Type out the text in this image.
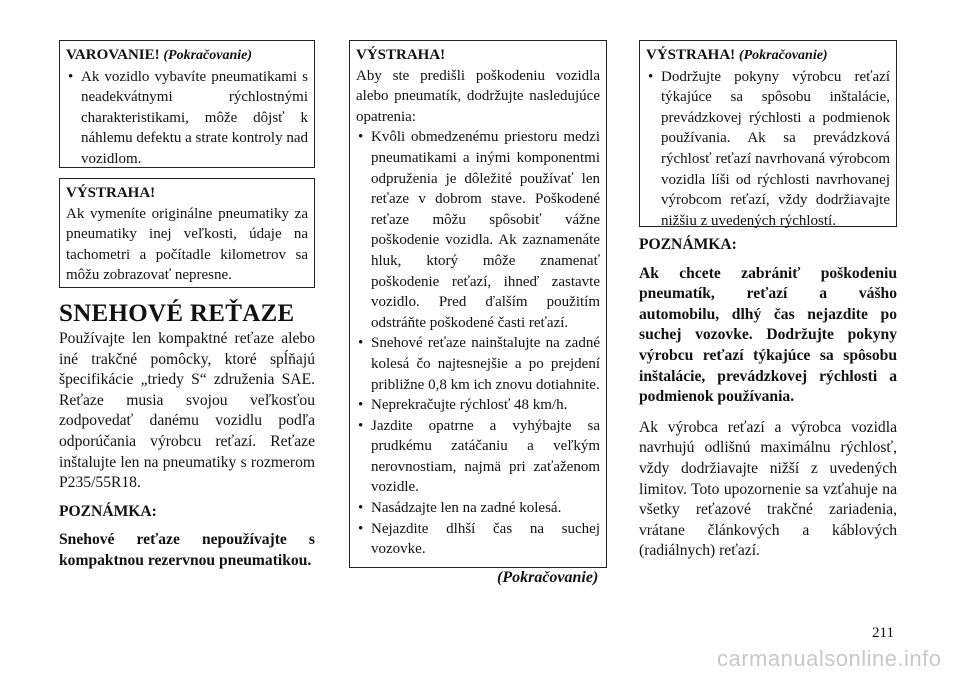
VAROVANIE! (Pokračovanie)
• Ak vozidlo vybavíte pneumatikami s neadekvátnymi rýchlostnými charakteristikami, môže dôjsť k náhlemu defektu a strate kontroly nad vozidlom.
VÝSTRAHA!

Ak vymeníte originálne pneumatiky za pneumatiky inej veľkosti, údaje na tachometri a počítadle kilometrov sa môžu zobrazovať nepresne.

SNEHOVÉ REŤAZE

Používajte len kompaktné reťaze alebo iné trakčné pomôcky, ktoré spĺňajú špecifikácie „triedy S“ združenia SAE. Reťaze musia svojou veľkosťou zodpovedať danému vozidlu podľa odporúčania výrobcu reťazí. Reťaze inštalujte len na pneumatiky s rozmerom P235/55R18.

POZNÁMKA:

Snehové reťaze nepoužívajte s kompaktnou rezervnou pneumatikou.

VÝSTRAHA!

Aby ste predišli poškodeniu vozidla alebo pneumatík, dodržujte nasledujúce opatrenia:

• Kvôli obmedzenému priestoru medzi pneumatikami a inými komponentmi odpruženia je dôležité používať len reťaze v dobrom stave. Poškodené reťaze môžu spôsobiť vážne poškodenie vozidla. Ak zaznamenáte hluk, ktorý môže znamenať poškodenie reťazí, ihneď zastavte vozidlo. Pred ďalším použitím odstráňte poškodené časti reťazí.
• Snehové reťaze nainštalujte na zadné kolesá čo najtesnejšie a po prejdení približne 0,8 km ich znovu dotiahnite.
• Neprekračujte rýchlosť 48 km/h.
• Jazdite opatrne a vyhýbajte sa prudkému zatáčaniu a veľkým nerovnostiam, najmä pri zaťaženom vozidle.
• Nasádzajte len na zadné kolesá.
• Nejazdite dlhší čas na suchej vozovke.
(Pokračovanie)
VÝSTRAHA! (Pokračovanie)
• Dodržujte pokyny výrobcu reťazí týkajúce sa spôsobu inštalácie, prevádzkovej rýchlosti a podmienok používania. Ak sa prevádzková rýchlosť reťazí navrhovaná výrobcom vozidla líši od rýchlosti navrhovanej výrobcom reťazí, vždy dodržiavajte nižšiu z uvedených rýchlostí.

POZNÁMKA:

Ak chcete zabrániť poškodeniu pneumatík, reťazí a vášho automobilu, dlhý čas nejazdite po suchej vozovke. Dodržujte pokyny výrobcu reťazí týkajúce sa spôsobu inštalácie, prevádzkovej rýchlosti a podmienok používania.

Ak výrobca reťazí a výrobca vozidla navrhujú odlišnú maximálnu rýchlosť, vždy dodržiavajte nižší z uvedených limitov. Toto upozornenie sa vzťahuje na všetky reťazové trakčné zariadenia, vrátane článkových a káblových (radiálnych) reťazí.

211
carmanualsonline.info
